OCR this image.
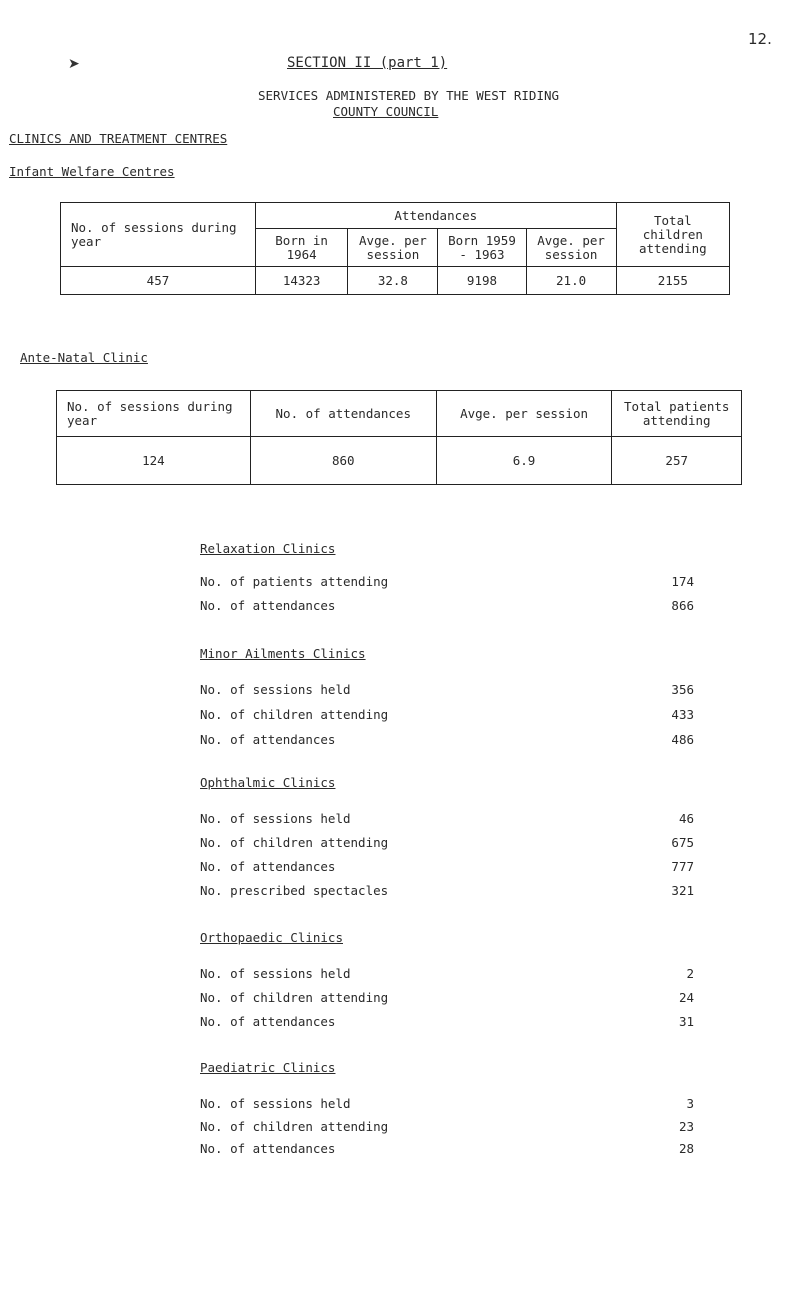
➤
12.
SECTION II (part 1)
SERVICES ADMINISTERED BY THE WEST RIDING
COUNTY COUNCIL
CLINICS AND TREATMENT CENTRES
Infant Welfare Centres
No. of sessions during year	Attendances				Total children attending
	Born in 1964	Avge. per session	Born 1959 - 1963	Avge. per session	
457	14323	32.8	9198	21.0	2155
Ante-Natal Clinic
No. of sessions during year	No. of attendances	Avge. per session	Total patients attending
124	860	6.9	257
Relaxation Clinics
No. of patients attending	174
No. of attendances	866
Minor Ailments Clinics
No. of sessions held	356
No. of children attending	433
No. of attendances	486
Ophthalmic Clinics
No. of sessions held	46
No. of children attending	675
No. of attendances	777
No. prescribed spectacles	321
Orthopaedic Clinics
No. of sessions held	2
No. of children attending	24
No. of attendances	31
Paediatric Clinics
No. of sessions held	3
No. of children attending	23
No. of attendances	28
